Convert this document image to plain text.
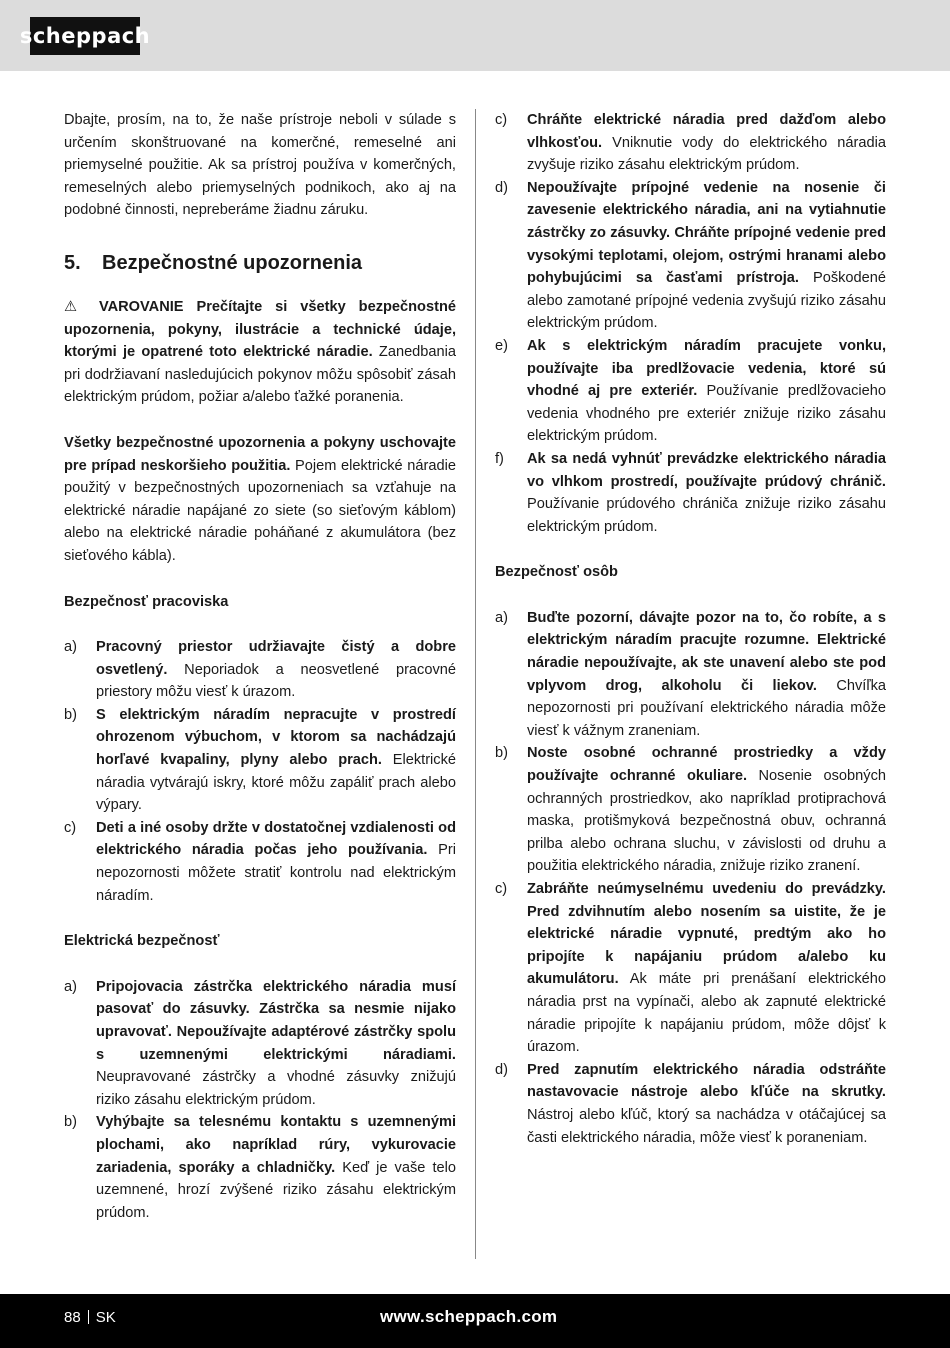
scheppach

Dbajte, prosím, na to, že naše prístroje neboli v súlade s určením skonštruované na komerčné, remeselné ani priemyselné použitie. Ak sa prístroj používa v komerčných, remeselných alebo priemyselných podnikoch, ako aj na podobné činnosti, nepreberáme žiadnu záruku.

5. Bezpečnostné upozornenia

⚠ VAROVANIE Prečítajte si všetky bezpečnostné upozornenia, pokyny, ilustrácie a technické údaje, ktorými je opatrené toto elektrické náradie. Zanedbania pri dodržiavaní nasledujúcich pokynov môžu spôsobiť zásah elektrickým prúdom, požiar a/alebo ťažké poranenia.

Všetky bezpečnostné upozornenia a pokyny uschovajte pre prípad neskoršieho použitia. Pojem elektrické náradie použitý v bezpečnostných upozorneniach sa vzťahuje na elektrické náradie napájané zo siete (so sieťovým káblom) alebo na elektrické náradie poháňané z akumulátora (bez sieťového kábla).

Bezpečnosť pracoviska

a)	Pracovný priestor udržiavajte čistý a dobre osvetlený. Neporiadok a neosvetlené pracovné priestory môžu viesť k úrazom.
b)	S elektrickým náradím nepracujte v prostredí ohrozenom výbuchom, v ktorom sa nachádzajú horľavé kvapaliny, plyny alebo prach. Elektrické náradia vytvárajú iskry, ktoré môžu zapáliť prach alebo výpary.
c)	Deti a iné osoby držte v dostatočnej vzdialenosti od elektrického náradia počas jeho používania. Pri nepozornosti môžete stratiť kontrolu nad elektrickým náradím.

Elektrická bezpečnosť

a)	Pripojovacia zástrčka elektrického náradia musí pasovať do zásuvky. Zástrčka sa nesmie nijako upravovať. Nepoužívajte adaptérové zástrčky spolu s uzemnenými elektrickými náradiami. Neupravované zástrčky a vhodné zásuvky znižujú riziko zásahu elektrickým prúdom.
b)	Vyhýbajte sa telesnému kontaktu s uzemnenými plochami, ako napríklad rúry, vykurovacie zariadenia, sporáky a chladničky. Keď je vaše telo uzemnené, hrozí zvýšené riziko zásahu elektrickým prúdom.
c)	Chráňte elektrické náradia pred dažďom alebo vlhkosťou. Vniknutie vody do elektrického náradia zvyšuje riziko zásahu elektrickým prúdom.
d)	Nepoužívajte prípojné vedenie na nosenie či zavesenie elektrického náradia, ani na vytiahnutie zástrčky zo zásuvky. Chráňte prípojné vedenie pred vysokými teplotami, olejom, ostrými hranami alebo pohybujúcimi sa časťami prístroja. Poškodené alebo zamotané prípojné vedenia zvyšujú riziko zásahu elektrickým prúdom.
e)	Ak s elektrickým náradím pracujete vonku, používajte iba predlžovacie vedenia, ktoré sú vhodné aj pre exteriér. Používanie predlžovacieho vedenia vhodného pre exteriér znižuje riziko zásahu elektrickým prúdom.
f)	Ak sa nedá vyhnúť prevádzke elektrického náradia vo vlhkom prostredí, používajte prúdový chránič. Používanie prúdového chrániča znižuje riziko zásahu elektrickým prúdom.

Bezpečnosť osôb

a)	Buďte pozorní, dávajte pozor na to, čo robíte, a s elektrickým náradím pracujte rozumne. Elektrické náradie nepoužívajte, ak ste unavení alebo ste pod vplyvom drog, alkoholu či liekov. Chvíľka nepozornosti pri používaní elektrického náradia môže viesť k vážnym zraneniam.
b)	Noste osobné ochranné prostriedky a vždy používajte ochranné okuliare. Nosenie osobných ochranných prostriedkov, ako napríklad protiprachová maska, protišmyková bezpečnostná obuv, ochranná prilba alebo ochrana sluchu, v závislosti od druhu a použitia elektrického náradia, znižuje riziko zranení.
c)	Zabráňte neúmyselnému uvedeniu do prevádzky. Pred zdvihnutím alebo nosením sa uistite, že je elektrické náradie vypnuté, predtým ako ho pripojíte k napájaniu prúdom a/alebo ku akumulátoru. Ak máte pri prenášaní elektrického náradia prst na vypínači, alebo ak zapnuté elektrické náradie pripojíte k napájaniu prúdom, môže dôjsť k úrazom.
d)	Pred zapnutím elektrického náradia odstráňte nastavovacie nástroje alebo kľúče na skrutky. Nástroj alebo kľúč, ktorý sa nachádza v otáčajúcej sa časti elektrického náradia, môže viesť k poraneniam.
88 SK	www.scheppach.com
